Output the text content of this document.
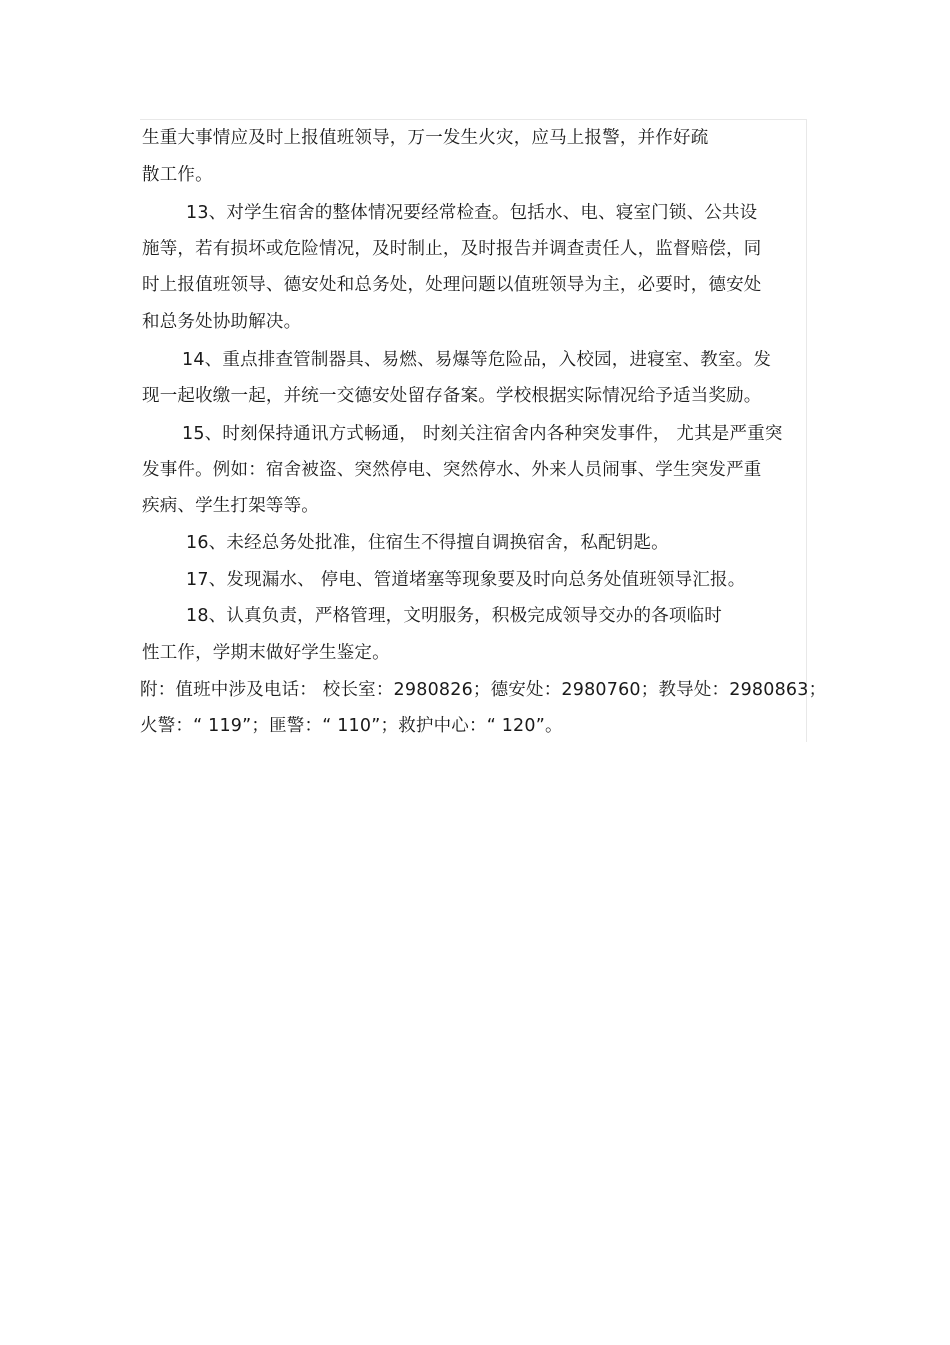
生重大事情应及时上报值班领导，万一发生火灾，应马上报警，并作好疏
散工作。
13、对学生宿舍的整体情况要经常检查。包括水、电、寝室门锁、公共设
施等，若有损坏或危险情况，及时制止，及时报告并调查责任人，监督赔偿，同
时上报值班领导、德安处和总务处，处理问题以值班领导为主，必要时，德安处
和总务处协助解决。
14、重点排查管制器具、易燃、易爆等危险品，入校园，进寝室、教室。发
现一起收缴一起，并统一交德安处留存备案。学校根据实际情况给予适当奖励。
15、时刻保持通讯方式畅通， 时刻关注宿舍内各种突发事件， 尤其是严重突
发事件。例如：宿舍被盗、突然停电、突然停水、外来人员闹事、学生突发严重
疾病、学生打架等等。
16、未经总务处批准，住宿生不得擅自调换宿舍，私配钥匙。
17、发现漏水、 停电、管道堵塞等现象要及时向总务处值班领导汇报。
18、认真负责，严格管理，文明服务，积极完成领导交办的各项临时
性工作，学期末做好学生鉴定。
附：值班中涉及电话： 校长室：2980826；德安处：2980760；教导处：2980863；
火警：“ 119”；匪警：“ 110”；救护中心：“ 120”。
